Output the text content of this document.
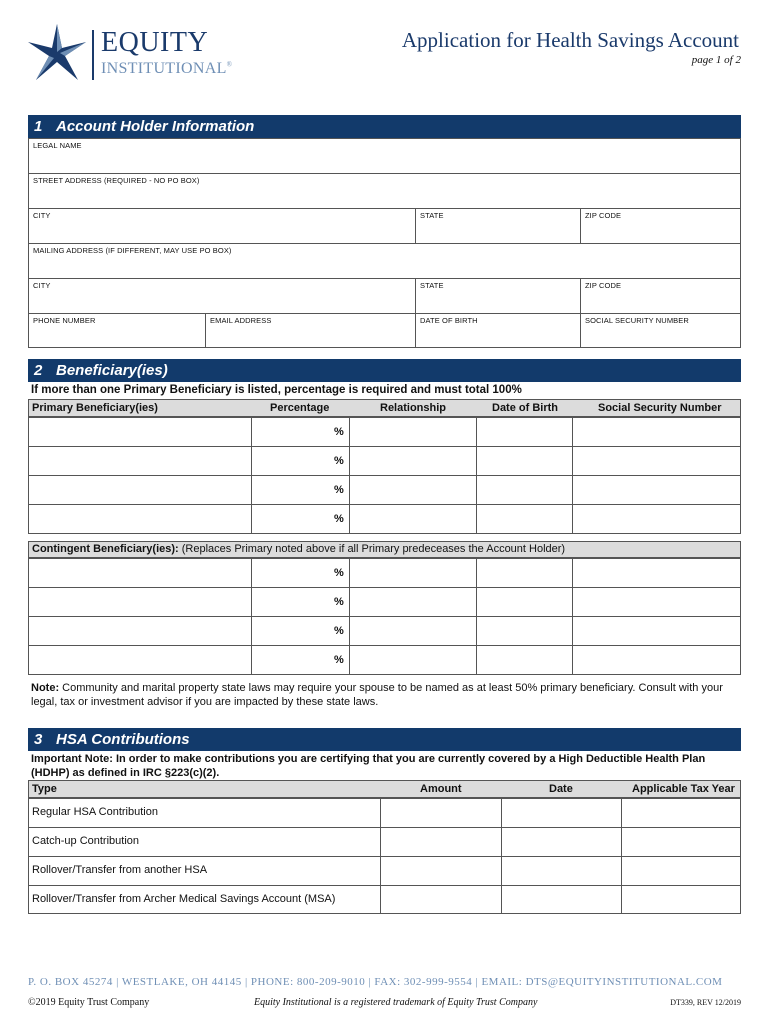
EQUITY
INSTITUTIONAL®
Application for Health Savings Account
page 1 of 2
1 Account Holder Information
LEGAL NAME
STREET ADDRESS (REQUIRED - NO PO BOX)
CITY	STATE	ZIP CODE
MAILING ADDRESS (IF DIFFERENT, MAY USE PO BOX)
CITY	STATE	ZIP CODE
PHONE NUMBER	EMAIL ADDRESS	DATE OF BIRTH	SOCIAL SECURITY NUMBER
2 Beneficiary(ies)
If more than one Primary Beneficiary is listed, percentage is required and must total 100%
Primary Beneficiary(ies)	Percentage	Relationship	Date of Birth	Social Security Number
%
%
%
%
Contingent Beneficiary(ies): (Replaces Primary noted above if all Primary predeceases the Account Holder)
%
%
%
%
Note: Community and marital property state laws may require your spouse to be named as at least 50% primary beneficiary. Consult with your legal, tax or investment advisor if you are impacted by these state laws.
3 HSA Contributions
Important Note: In order to make contributions you are certifying that you are currently covered by a High Deductible Health Plan (HDHP) as defined in IRC §223(c)(2).
Type	Amount	Date	Applicable Tax Year
Regular HSA Contribution
Catch-up Contribution
Rollover/Transfer from another HSA
Rollover/Transfer from Archer Medical Savings Account (MSA)
P. O. BOX 45274 | WESTLAKE, OH 44145 | PHONE: 800-209-9010 | FAX: 302-999-9554 | EMAIL: DTS@EQUITYINSTITUTIONAL.COM
©2019 Equity Trust Company	Equity Institutional is a registered trademark of Equity Trust Company	DT339, REV 12/2019
